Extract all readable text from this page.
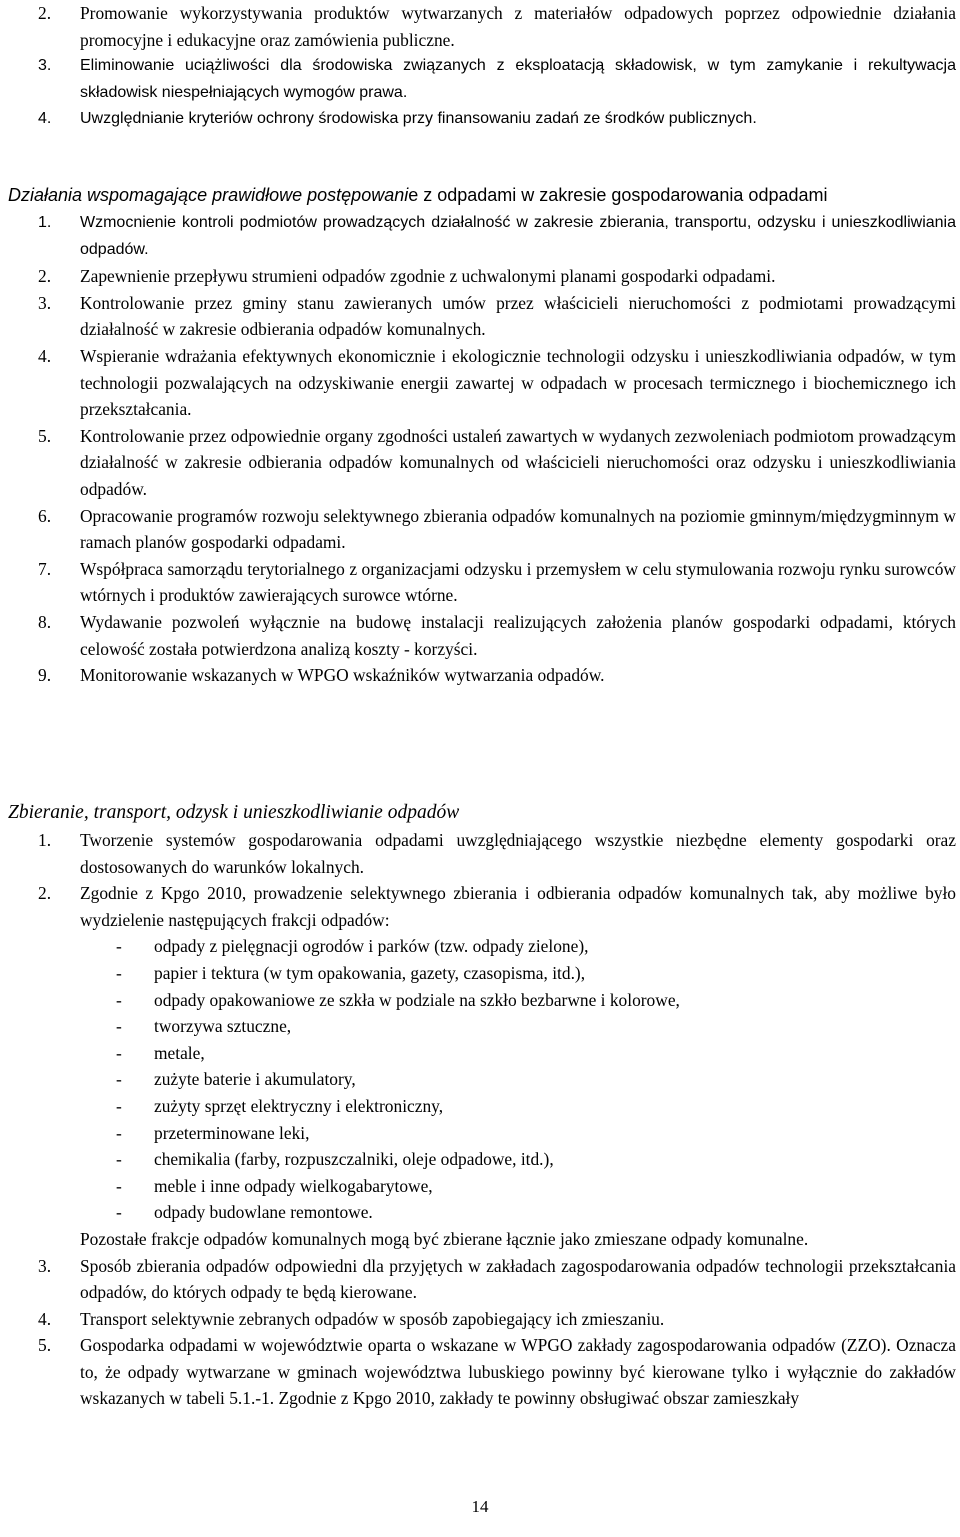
2. Promowanie wykorzystywania produktów wytwarzanych z materiałów odpadowych poprzez odpowiednie działania promocyjne i edukacyjne oraz zamówienia publiczne.
3. Eliminowanie uciążliwości dla środowiska związanych z eksploatacją składowisk, w tym zamykanie i rekultywacja składowisk niespełniających wymogów prawa.
4. Uwzględnianie kryteriów ochrony środowiska przy finansowaniu zadań ze środków publicznych.

Działania wspomagające prawidłowe postępowanie z odpadami w zakresie gospodarowania odpadami

1. Wzmocnienie kontroli podmiotów prowadzących działalność w zakresie zbierania, transportu, odzysku i unieszkodliwiania odpadów.
2. Zapewnienie przepływu strumieni odpadów zgodnie z uchwalonymi planami gospodarki odpadami.
3. Kontrolowanie przez gminy stanu zawieranych umów przez właścicieli nieruchomości z podmiotami prowadzącymi działalność w zakresie odbierania odpadów komunalnych.
4. Wspieranie wdrażania efektywnych ekonomicznie i ekologicznie technologii odzysku i unieszkodliwiania odpadów, w tym technologii pozwalających na odzyskiwanie energii zawartej w odpadach w procesach termicznego i biochemicznego ich przekształcania.
5. Kontrolowanie przez odpowiednie organy zgodności ustaleń zawartych w wydanych zezwoleniach podmiotom prowadzącym działalność w zakresie odbierania odpadów komunalnych od właścicieli nieruchomości oraz odzysku i unieszkodliwiania odpadów.
6. Opracowanie programów rozwoju selektywnego zbierania odpadów komunalnych na poziomie gminnym/międzygminnym w ramach planów gospodarki odpadami.
7. Współpraca samorządu terytorialnego z organizacjami odzysku i przemysłem w celu stymulowania rozwoju rynku surowców wtórnych i produktów zawierających surowce wtórne.
8. Wydawanie pozwoleń wyłącznie na budowę instalacji realizujących założenia planów gospodarki odpadami, których celowość została potwierdzona analizą koszty - korzyści.
9. Monitorowanie wskazanych w WPGO wskaźników wytwarzania odpadów.

Zbieranie, transport, odzysk i unieszkodliwianie odpadów

1. Tworzenie systemów gospodarowania odpadami uwzględniającego wszystkie niezbędne elementy gospodarki oraz dostosowanych do warunków lokalnych.
2. Zgodnie z Kpgo 2010, prowadzenie selektywnego zbierania i odbierania odpadów komunalnych tak, aby możliwe było wydzielenie następujących frakcji odpadów:
- odpady z pielęgnacji ogrodów i parków (tzw. odpady zielone),
- papier i tektura (w tym opakowania, gazety, czasopisma, itd.),
- odpady opakowaniowe ze szkła w podziale na szkło bezbarwne i kolorowe,
- tworzywa sztuczne,
- metale,
- zużyte baterie i akumulatory,
- zużyty sprzęt elektryczny i elektroniczny,
- przeterminowane leki,
- chemikalia (farby, rozpuszczalniki, oleje odpadowe, itd.),
- meble i inne odpady wielkogabarytowe,
- odpady budowlane remontowe.
Pozostałe frakcje odpadów komunalnych mogą być zbierane łącznie jako zmieszane odpady komunalne.
3. Sposób zbierania odpadów odpowiedni dla przyjętych w zakładach zagospodarowania odpadów technologii przekształcania odpadów, do których odpady te będą kierowane.
4. Transport selektywnie zebranych odpadów w sposób zapobiegający ich zmieszaniu.
5. Gospodarka odpadami w województwie oparta o wskazane w WPGO zakłady zagospodarowania odpadów (ZZO). Oznacza to, że odpady wytwarzane w gminach województwa lubuskiego powinny być kierowane tylko i wyłącznie do zakładów wskazanych w tabeli 5.1.-1. Zgodnie z Kpgo 2010, zakłady te powinny obsługiwać obszar zamieszkały
14
